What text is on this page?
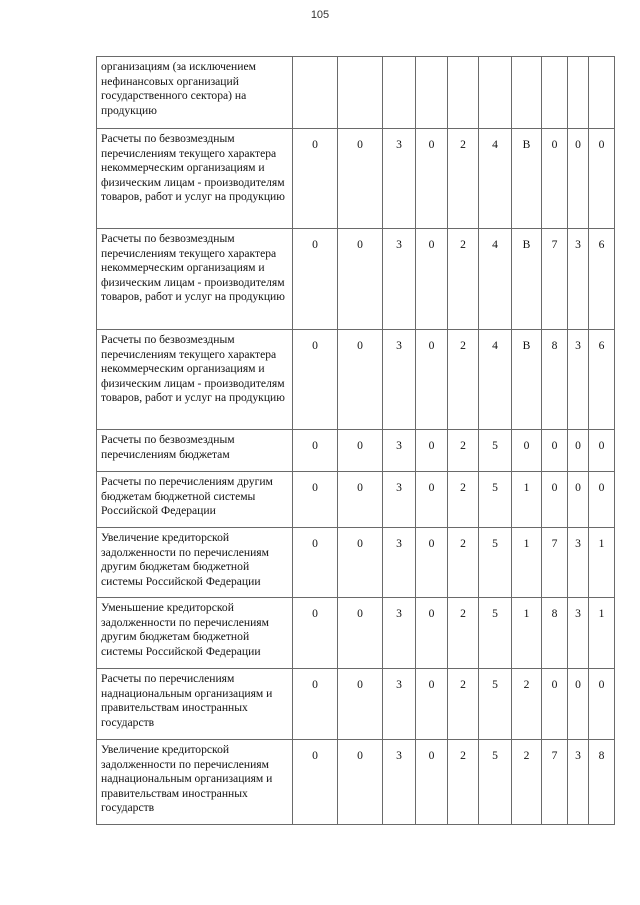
105
организациям (за исключением нефинансовых организаций государственного сектора) на продукцию										
Расчеты по безвозмездным перечислениям текущего характера некоммерческим организациям и физическим лицам - производителям товаров, работ и услуг на продукцию	0	0	3	0	2	4	В	0	0	0
Расчеты по безвозмездным перечислениям текущего характера некоммерческим организациям и физическим лицам - производителям товаров, работ и услуг на продукцию	0	0	3	0	2	4	В	7	3	6
Расчеты по безвозмездным перечислениям текущего характера некоммерческим организациям и физическим лицам - производителям товаров, работ и услуг на продукцию	0	0	3	0	2	4	В	8	3	6
Расчеты по безвозмездным перечислениям бюджетам	0	0	3	0	2	5	0	0	0	0
Расчеты по перечислениям другим бюджетам бюджетной системы Российской Федерации	0	0	3	0	2	5	1	0	0	0
Увеличение кредиторской задолженности по перечислениям другим бюджетам бюджетной системы Российской Федерации	0	0	3	0	2	5	1	7	3	1
Уменьшение кредиторской задолженности по перечислениям другим бюджетам бюджетной системы Российской Федерации	0	0	3	0	2	5	1	8	3	1
Расчеты по перечислениям наднациональным организациям и правительствам иностранных государств	0	0	3	0	2	5	2	0	0	0
Увеличение кредиторской задолженности по перечислениям наднациональным организациям и правительствам иностранных государств	0	0	3	0	2	5	2	7	3	8
